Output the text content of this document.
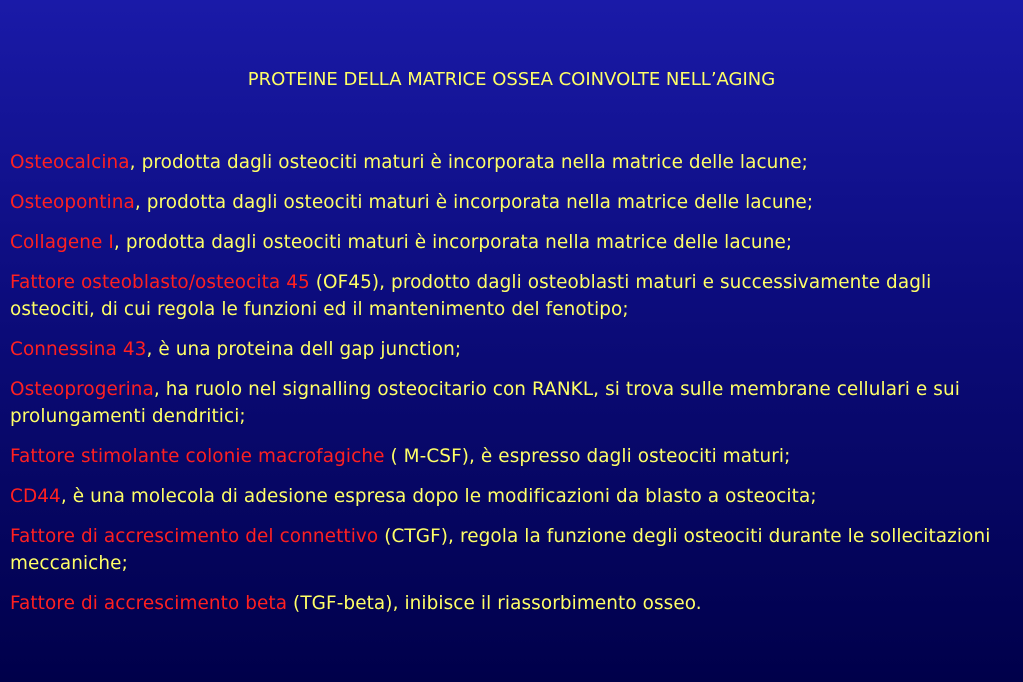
PROTEINE DELLA MATRICE OSSEA COINVOLTE NELL’AGING
Osteocalcina, prodotta dagli osteociti maturi è incorporata nella matrice delle lacune;
Osteopontina, prodotta dagli osteociti maturi è incorporata nella matrice delle lacune;
Collagene I, prodotta dagli osteociti maturi è incorporata nella matrice delle lacune;
Fattore osteoblasto/osteocita 45 (OF45), prodotto dagli osteoblasti maturi e successivamente dagli osteociti, di cui regola le funzioni ed il mantenimento del fenotipo;
Connessina 43, è una proteina dell gap junction;
Osteoprogerina, ha ruolo nel signalling osteocitario con RANKL, si trova sulle membrane cellulari e sui prolungamenti dendritici;
Fattore stimolante colonie macrofagiche ( M-CSF), è espresso dagli osteociti maturi;
CD44, è una molecola di adesione espresa dopo le modificazioni da blasto a osteocita;
Fattore di accrescimento del connettivo (CTGF), regola la funzione degli osteociti durante le sollecitazioni meccaniche;
Fattore di accrescimento beta (TGF-beta), inibisce il riassorbimento osseo.
